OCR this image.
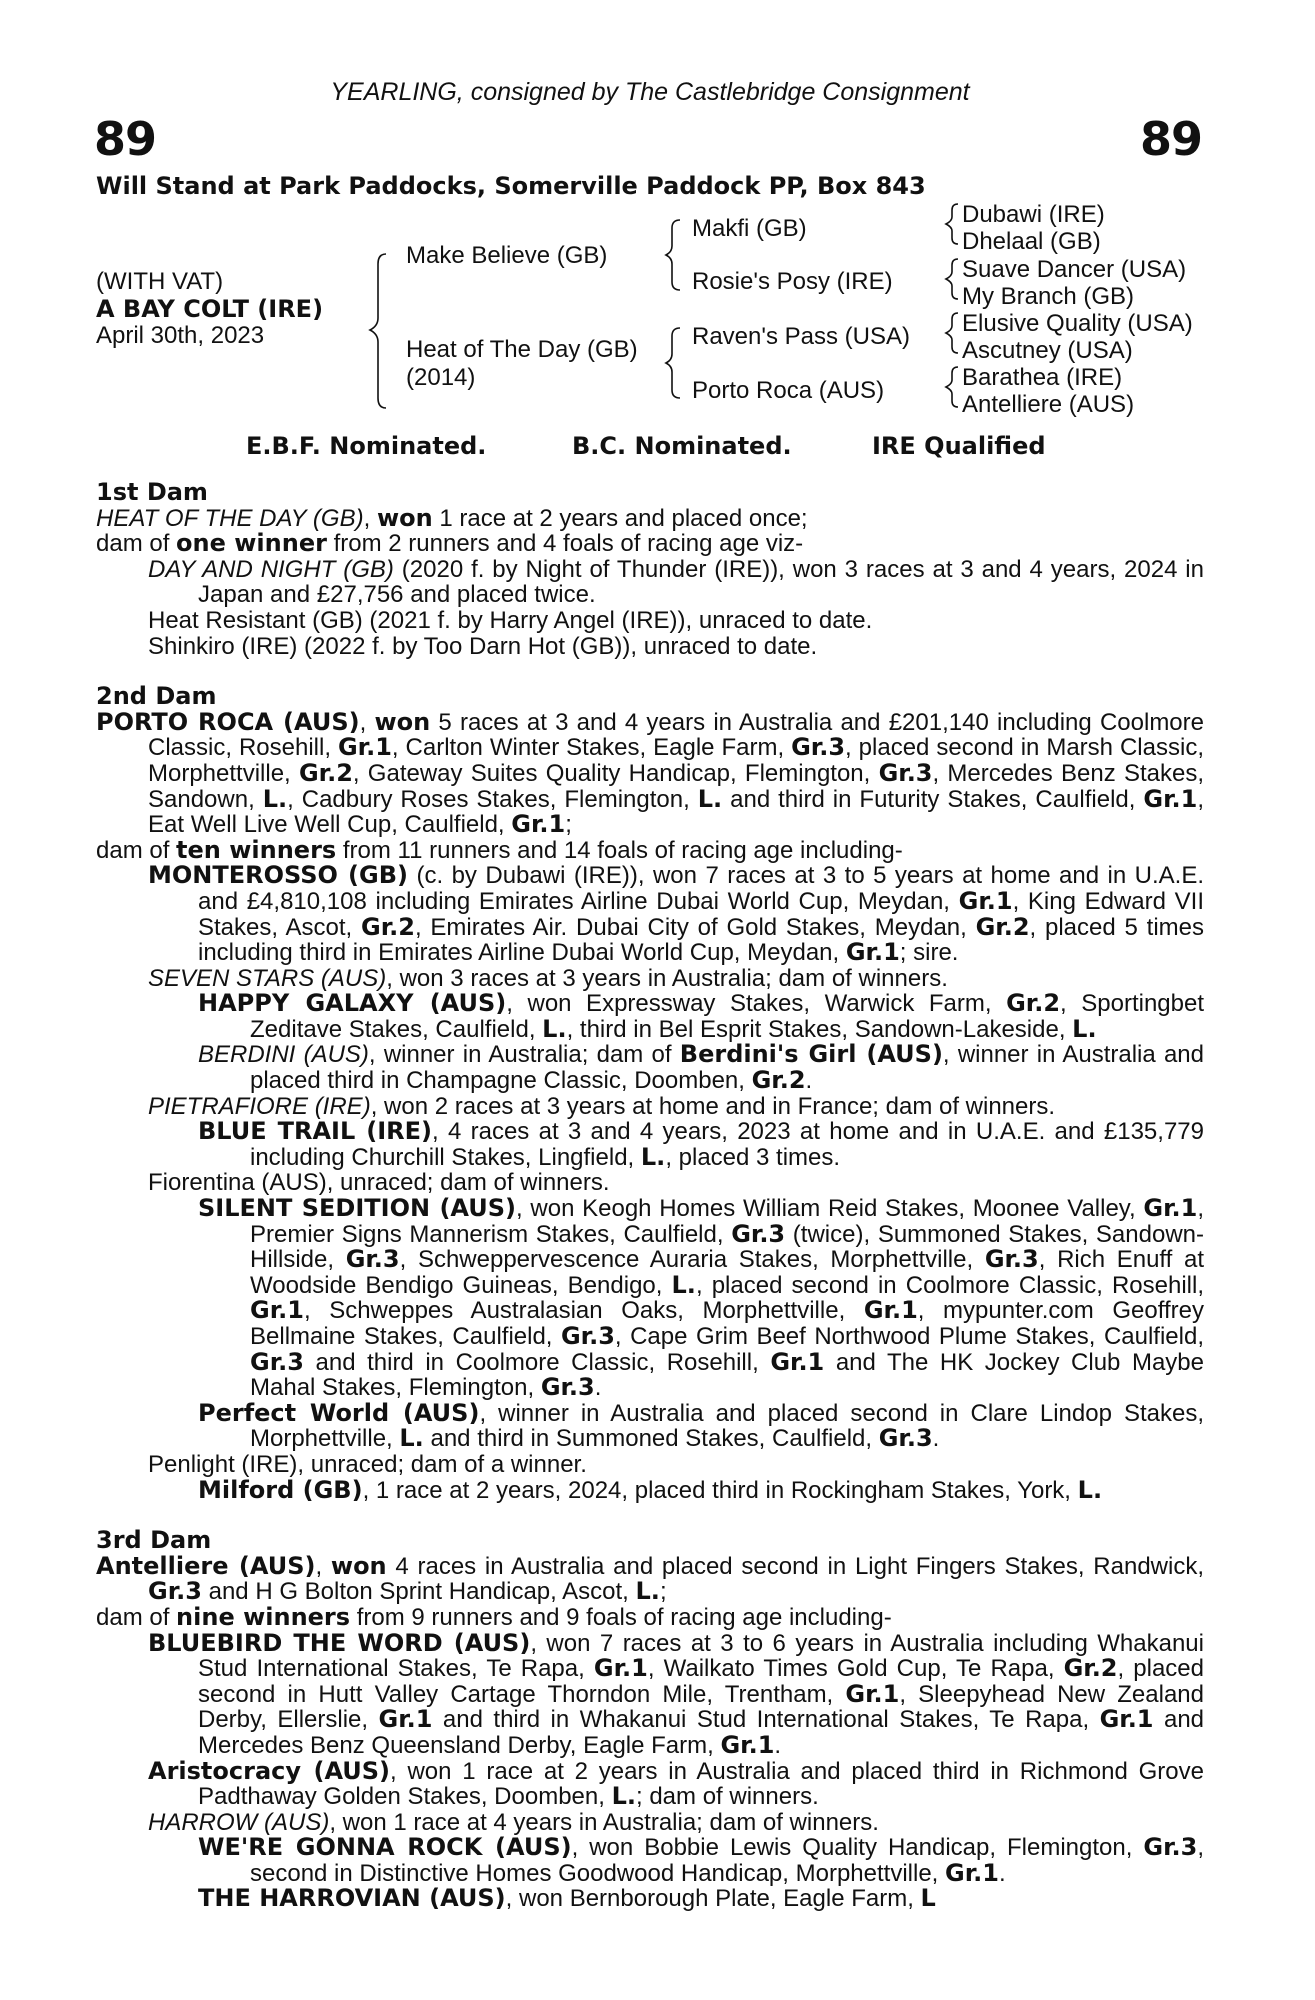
YEARLING, consigned by The Castlebridge Consignment
89	89
Will Stand at Park Paddocks, Somerville Paddock PP, Box 843
(WITH VAT)
A BAY COLT (IRE)
April 30th, 2023
Make Believe (GB)
Heat of The Day (GB)
(2014)
Makfi (GB)
Rosie's Posy (IRE)
Raven's Pass (USA)
Porto Roca (AUS)
Dubawi (IRE)
Dhelaal (GB)
Suave Dancer (USA)
My Branch (GB)
Elusive Quality (USA)
Ascutney (USA)
Barathea (IRE)
Antelliere (AUS)
E.B.F. Nominated.	B.C. Nominated.	IRE Qualified
1st Dam
HEAT OF THE DAY (GB), won 1 race at 2 years and placed once;
dam of one winner from 2 runners and 4 foals of racing age viz-
DAY AND NIGHT (GB) (2020 f. by Night of Thunder (IRE)), won 3 races at 3 and 4 years, 2024 in Japan and £27,756 and placed twice.
Heat Resistant (GB) (2021 f. by Harry Angel (IRE)), unraced to date.
Shinkiro (IRE) (2022 f. by Too Darn Hot (GB)), unraced to date.
2nd Dam
PORTO ROCA (AUS), won 5 races at 3 and 4 years in Australia and £201,140 including Coolmore Classic, Rosehill, Gr.1, Carlton Winter Stakes, Eagle Farm, Gr.3, placed second in Marsh Classic, Morphettville, Gr.2, Gateway Suites Quality Handicap, Flemington, Gr.3, Mercedes Benz Stakes, Sandown, L., Cadbury Roses Stakes, Flemington, L. and third in Futurity Stakes, Caulfield, Gr.1, Eat Well Live Well Cup, Caulfield, Gr.1;
dam of ten winners from 11 runners and 14 foals of racing age including-
MONTEROSSO (GB) (c. by Dubawi (IRE)), won 7 races at 3 to 5 years at home and in U.A.E. and £4,810,108 including Emirates Airline Dubai World Cup, Meydan, Gr.1, King Edward VII Stakes, Ascot, Gr.2, Emirates Air. Dubai City of Gold Stakes, Meydan, Gr.2, placed 5 times including third in Emirates Airline Dubai World Cup, Meydan, Gr.1; sire.
SEVEN STARS (AUS), won 3 races at 3 years in Australia; dam of winners.
HAPPY GALAXY (AUS), won Expressway Stakes, Warwick Farm, Gr.2, Sportingbet Zeditave Stakes, Caulfield, L., third in Bel Esprit Stakes, Sandown-Lakeside, L.
BERDINI (AUS), winner in Australia; dam of Berdini's Girl (AUS), winner in Australia and placed third in Champagne Classic, Doomben, Gr.2.
PIETRAFIORE (IRE), won 2 races at 3 years at home and in France; dam of winners.
BLUE TRAIL (IRE), 4 races at 3 and 4 years, 2023 at home and in U.A.E. and £135,779 including Churchill Stakes, Lingfield, L., placed 3 times.
Fiorentina (AUS), unraced; dam of winners.
SILENT SEDITION (AUS), won Keogh Homes William Reid Stakes, Moonee Valley, Gr.1, Premier Signs Mannerism Stakes, Caulfield, Gr.3 (twice), Summoned Stakes, Sandown-Hillside, Gr.3, Schweppervescence Auraria Stakes, Morphettville, Gr.3, Rich Enuff at Woodside Bendigo Guineas, Bendigo, L., placed second in Coolmore Classic, Rosehill, Gr.1, Schweppes Australasian Oaks, Morphettville, Gr.1, mypunter.com Geoffrey Bellmaine Stakes, Caulfield, Gr.3, Cape Grim Beef Northwood Plume Stakes, Caulfield, Gr.3 and third in Coolmore Classic, Rosehill, Gr.1 and The HK Jockey Club Maybe Mahal Stakes, Flemington, Gr.3.
Perfect World (AUS), winner in Australia and placed second in Clare Lindop Stakes, Morphettville, L. and third in Summoned Stakes, Caulfield, Gr.3.
Penlight (IRE), unraced; dam of a winner.
Milford (GB), 1 race at 2 years, 2024, placed third in Rockingham Stakes, York, L.
3rd Dam
Antelliere (AUS), won 4 races in Australia and placed second in Light Fingers Stakes, Randwick, Gr.3 and H G Bolton Sprint Handicap, Ascot, L.;
dam of nine winners from 9 runners and 9 foals of racing age including-
BLUEBIRD THE WORD (AUS), won 7 races at 3 to 6 years in Australia including Whakanui Stud International Stakes, Te Rapa, Gr.1, Wailkato Times Gold Cup, Te Rapa, Gr.2, placed second in Hutt Valley Cartage Thorndon Mile, Trentham, Gr.1, Sleepyhead New Zealand Derby, Ellerslie, Gr.1 and third in Whakanui Stud International Stakes, Te Rapa, Gr.1 and Mercedes Benz Queensland Derby, Eagle Farm, Gr.1.
Aristocracy (AUS), won 1 race at 2 years in Australia and placed third in Richmond Grove Padthaway Golden Stakes, Doomben, L.; dam of winners.
HARROW (AUS), won 1 race at 4 years in Australia; dam of winners.
WE'RE GONNA ROCK (AUS), won Bobbie Lewis Quality Handicap, Flemington, Gr.3, second in Distinctive Homes Goodwood Handicap, Morphettville, Gr.1.
THE HARROVIAN (AUS), won Bernborough Plate, Eagle Farm, L
